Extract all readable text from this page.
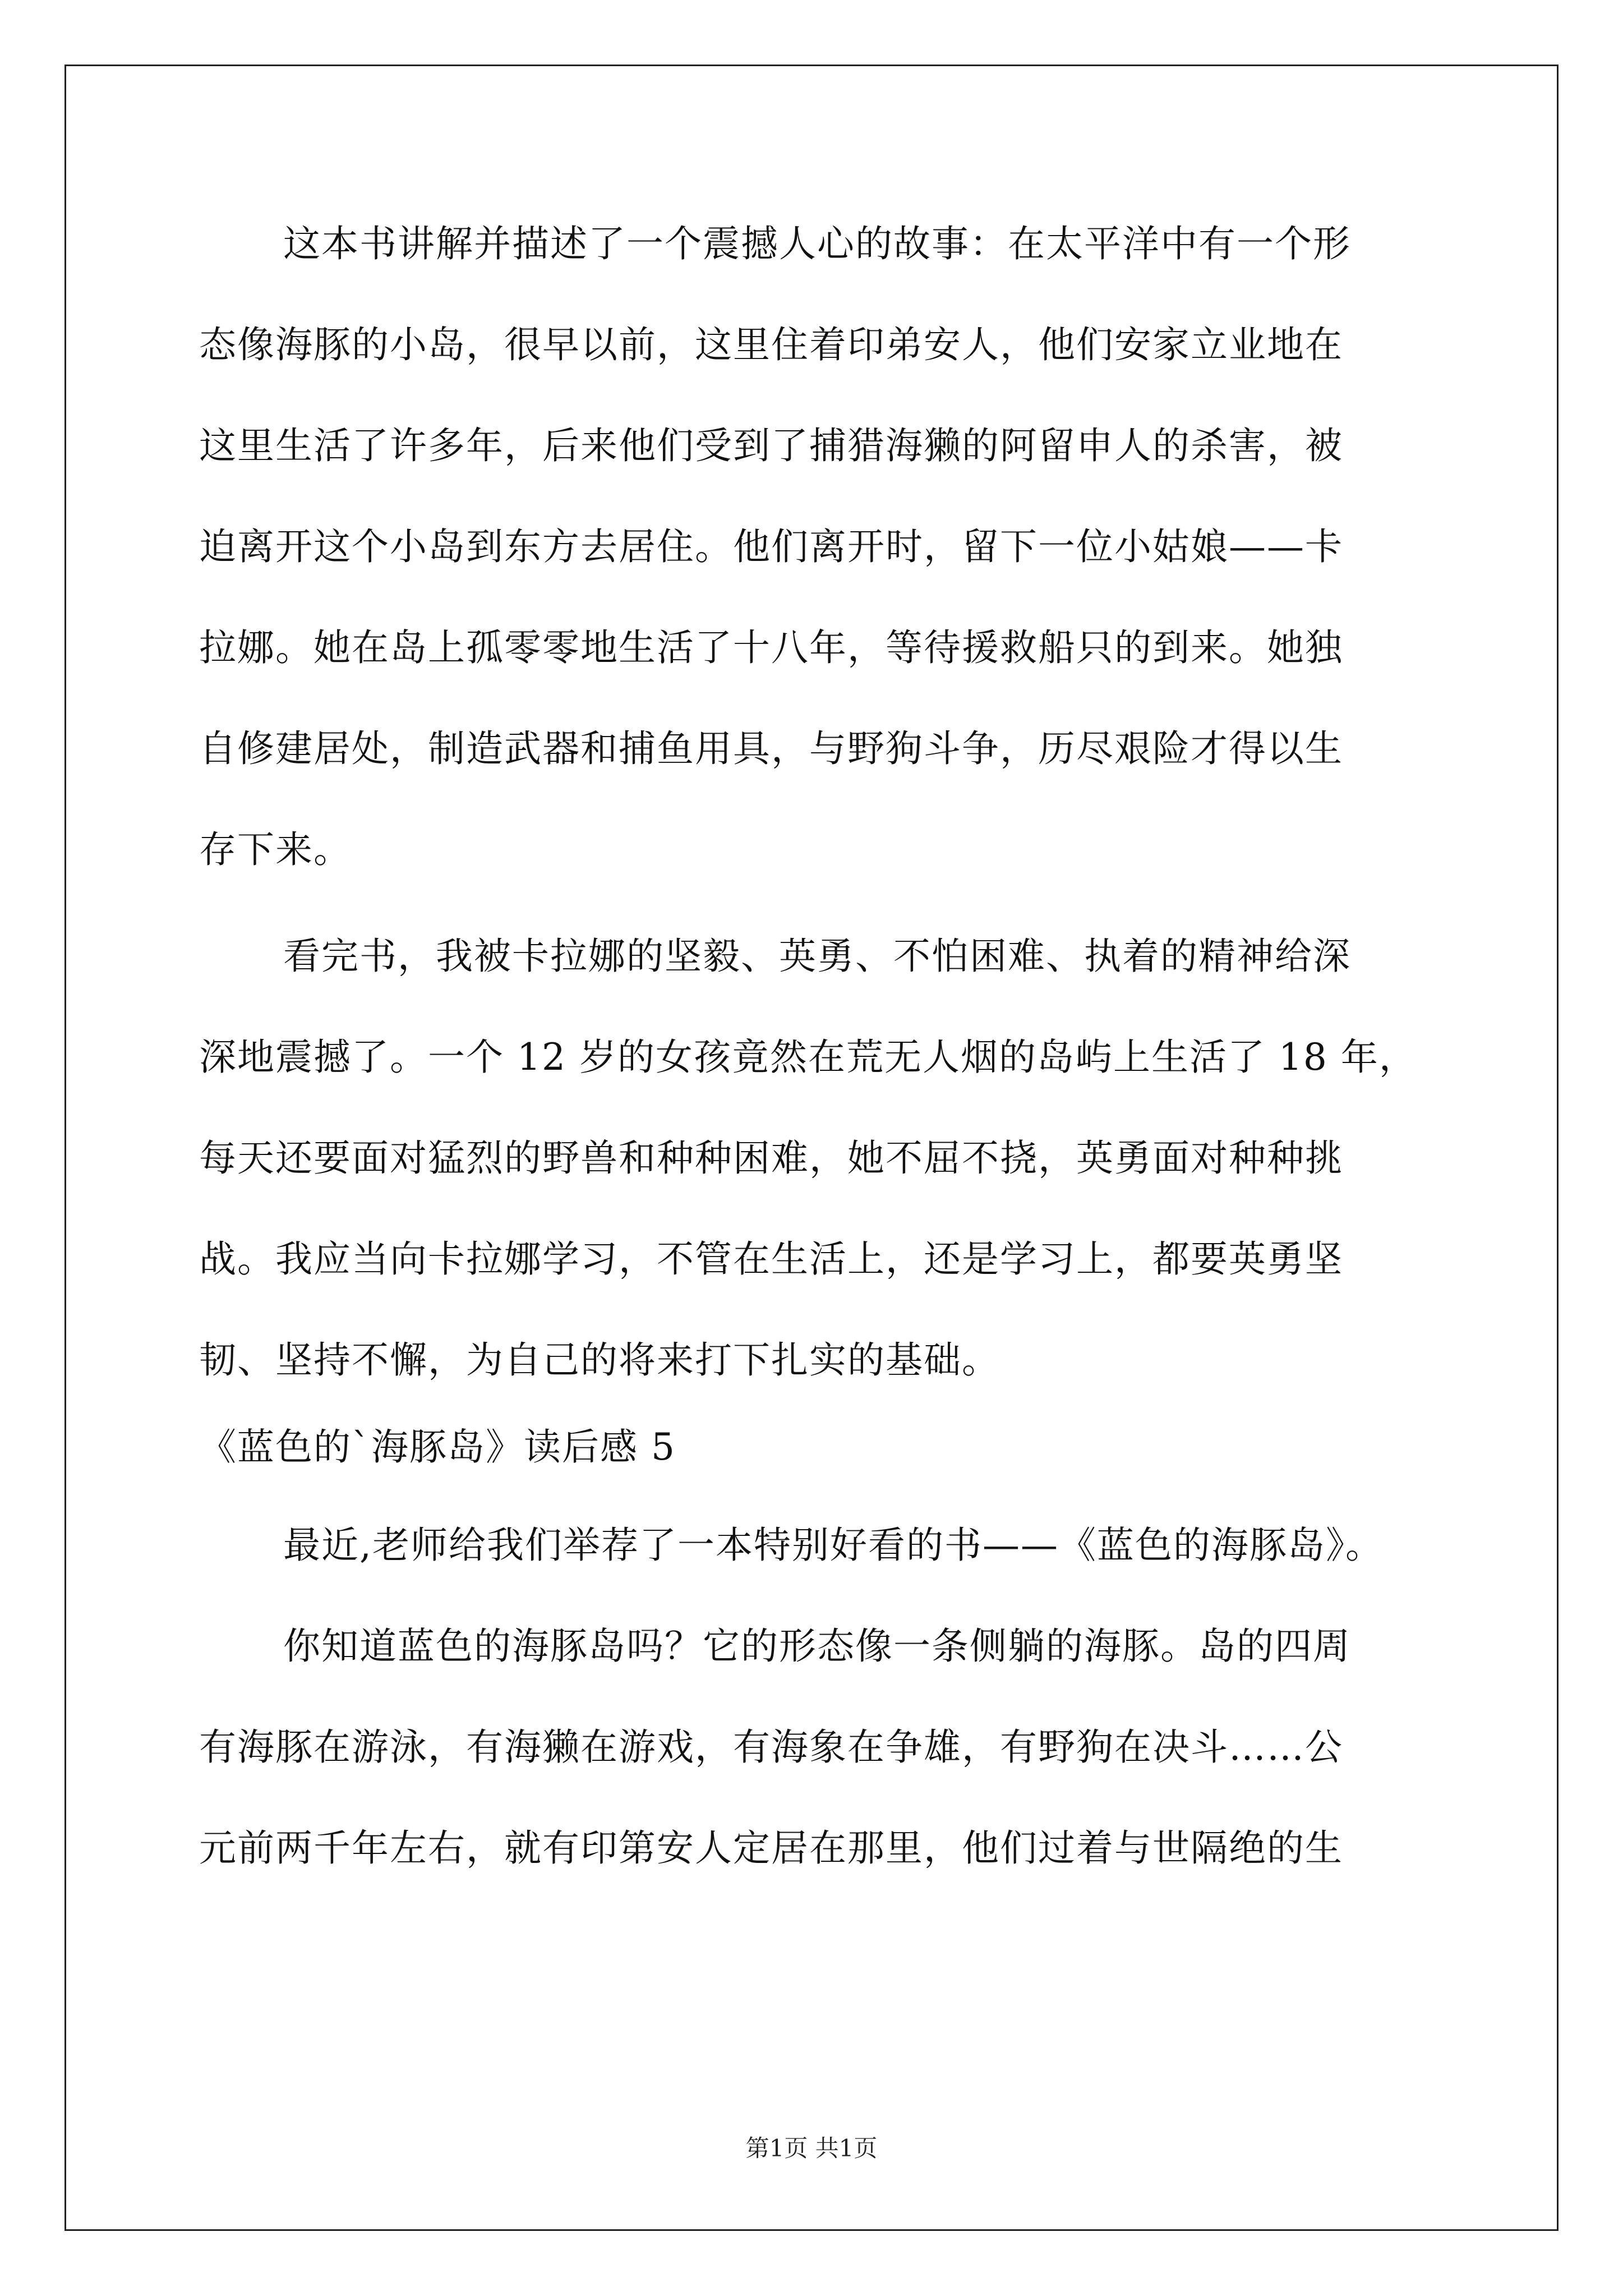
这本书讲解并描述了一个震撼人心的故事：在太平洋中有一个形
态像海豚的小岛，很早以前，这里住着印弟安人，他们安家立业地在
这里生活了许多年，后来他们受到了捕猎海獭的阿留申人的杀害，被
迫离开这个小岛到东方去居住。他们离开时，留下一位小姑娘——卡
拉娜。她在岛上孤零零地生活了十八年，等待援救船只的到来。她独
自修建居处，制造武器和捕鱼用具，与野狗斗争，历尽艰险才得以生
存下来。
看完书，我被卡拉娜的坚毅、英勇、不怕困难、执着的精神给深
深地震撼了。一个 12 岁的女孩竟然在荒无人烟的岛屿上生活了 18 年，
每天还要面对猛烈的野兽和种种困难，她不屈不挠，英勇面对种种挑
战。我应当向卡拉娜学习，不管在生活上，还是学习上，都要英勇坚
韧、坚持不懈，为自己的将来打下扎实的基础。
《蓝色的`海豚岛》读后感 5
最近,老师给我们举荐了一本特别好看的书——《蓝色的海豚岛》。
你知道蓝色的海豚岛吗？它的形态像一条侧躺的海豚。岛的四周
有海豚在游泳，有海獭在游戏，有海象在争雄，有野狗在决斗……公
元前两千年左右，就有印第安人定居在那里，他们过着与世隔绝的生
第1页 共1页
